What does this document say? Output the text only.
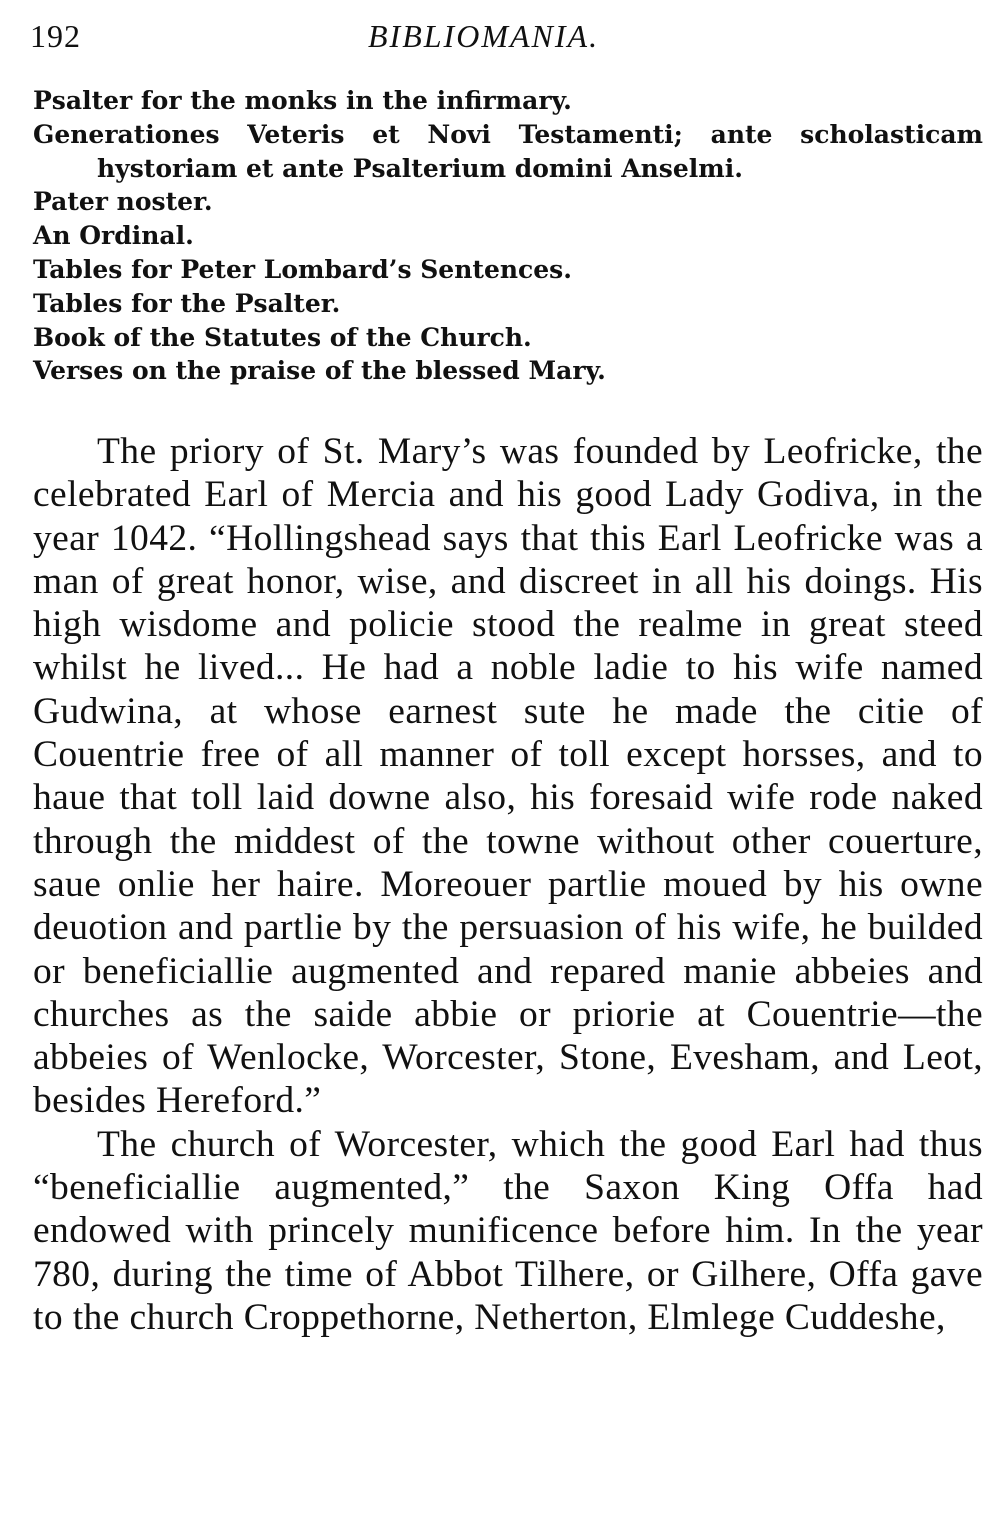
192	BIBLIOMANIA.
Psalter for the monks in the infirmary.
Generationes Veteris et Novi Testamenti; ante scholasticam hystoriam et ante Psalterium domini Anselmi.
Pater noster.
An Ordinal.
Tables for Peter Lombard’s Sentences.
Tables for the Psalter.
Book of the Statutes of the Church.
Verses on the praise of the blessed Mary.

The priory of St. Mary’s was founded by Leofricke, the celebrated Earl of Mercia and his good Lady Godiva, in the year 1042. “Hollingshead says that this Earl Leofricke was a man of great honor, wise, and discreet in all his doings. His high wisdome and policie stood the realme in great steed whilst he lived... He had a noble ladie to his wife named Gudwina, at whose earnest sute he made the citie of Couentrie free of all manner of toll except horsses, and to haue that toll laid downe also, his foresaid wife rode naked through the middest of the towne without other couerture, saue onlie her haire. Moreouer partlie moued by his owne deuotion and partlie by the persuasion of his wife, he builded or beneficiallie augmented and repared manie abbeies and churches as the saide abbie or priorie at Couentrie—the abbeies of Wenlocke, Worcester, Stone, Evesham, and Leot, besides Hereford.”

The church of Worcester, which the good Earl had thus “beneficiallie augmented,” the Saxon King Offa had endowed with princely munificence before him. In the year 780, during the time of Abbot Tilhere, or Gilhere, Offa gave to the church Croppethorne, Netherton, Elmlege Cuddeshe,
